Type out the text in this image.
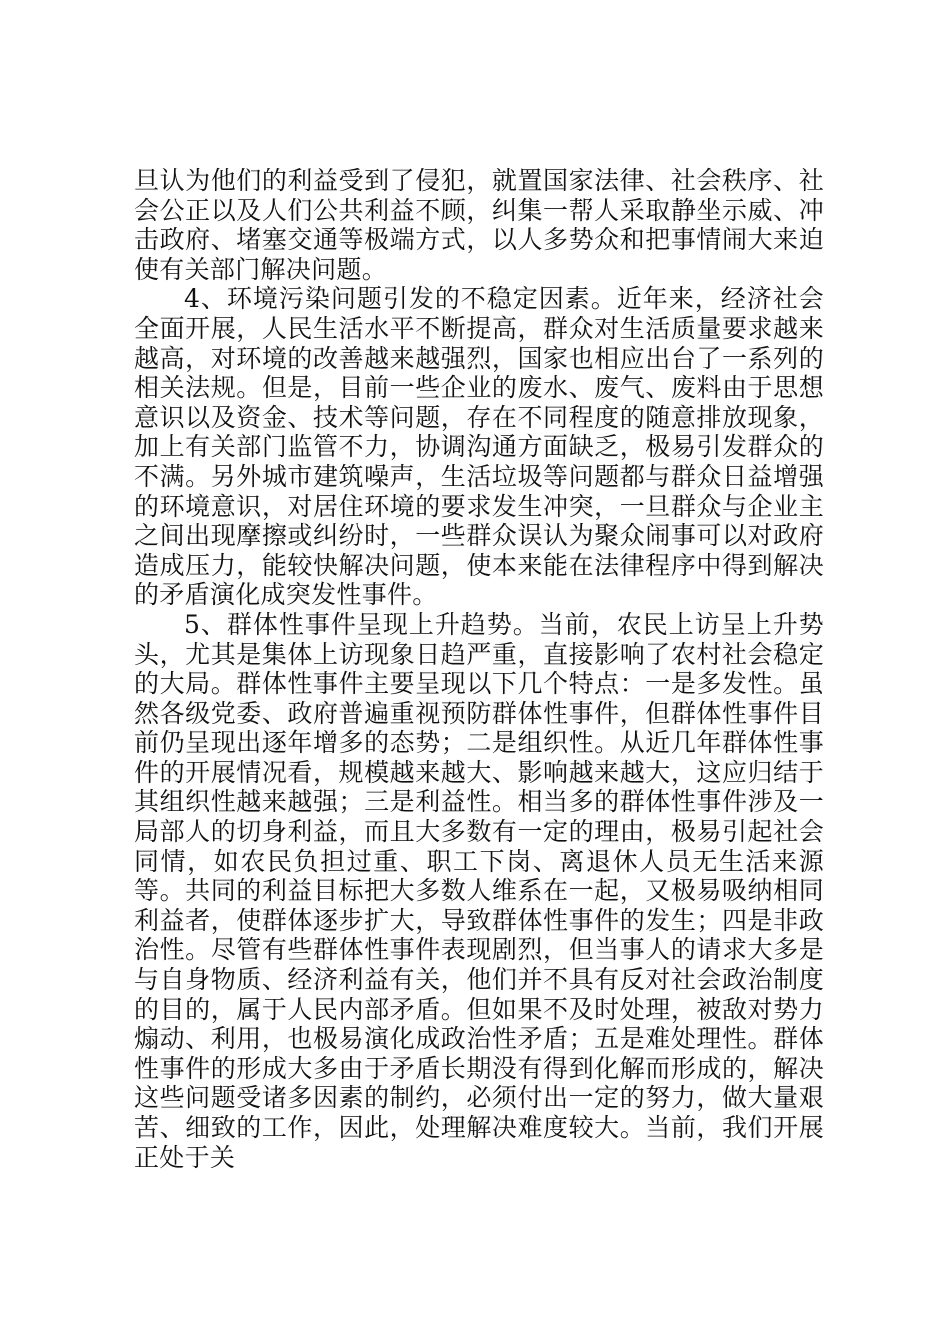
旦认为他们的利益受到了侵犯，就置国家法律、社会秩序、社会公正以及人们公共利益不顾，纠集一帮人采取静坐示威、冲击政府、堵塞交通等极端方式，以人多势众和把事情闹大来迫使有关部门解决问题。

4、环境污染问题引发的不稳定因素。近年来，经济社会全面开展，人民生活水平不断提高，群众对生活质量要求越来越高，对环境的改善越来越强烈，国家也相应出台了一系列的相关法规。但是，目前一些企业的废水、废气、废料由于思想意识以及资金、技术等问题，存在不同程度的随意排放现象，加上有关部门监管不力，协调沟通方面缺乏，极易引发群众的不满。另外城市建筑噪声，生活垃圾等问题都与群众日益增强的环境意识，对居住环境的要求发生冲突，一旦群众与企业主之间出现摩擦或纠纷时，一些群众误认为聚众闹事可以对政府造成压力，能较快解决问题，使本来能在法律程序中得到解决的矛盾演化成突发性事件。

5、群体性事件呈现上升趋势。当前，农民上访呈上升势头，尤其是集体上访现象日趋严重，直接影响了农村社会稳定的大局。群体性事件主要呈现以下几个特点：一是多发性。虽然各级党委、政府普遍重视预防群体性事件，但群体性事件目前仍呈现出逐年增多的态势；二是组织性。从近几年群体性事件的开展情况看，规模越来越大、影响越来越大，这应归结于其组织性越来越强；三是利益性。相当多的群体性事件涉及一局部人的切身利益，而且大多数有一定的理由，极易引起社会同情，如农民负担过重、职工下岗、离退休人员无生活来源等。共同的利益目标把大多数人维系在一起，又极易吸纳相同利益者，使群体逐步扩大，导致群体性事件的发生；四是非政治性。尽管有些群体性事件表现剧烈，但当事人的请求大多是与自身物质、经济利益有关，他们并不具有反对社会政治制度的目的，属于人民内部矛盾。但如果不及时处理，被敌对势力煽动、利用，也极易演化成政治性矛盾；五是难处理性。群体性事件的形成大多由于矛盾长期没有得到化解而形成的，解决这些问题受诸多因素的制约，必须付出一定的努力，做大量艰苦、细致的工作，因此，处理解决难度较大。当前，我们开展正处于关
